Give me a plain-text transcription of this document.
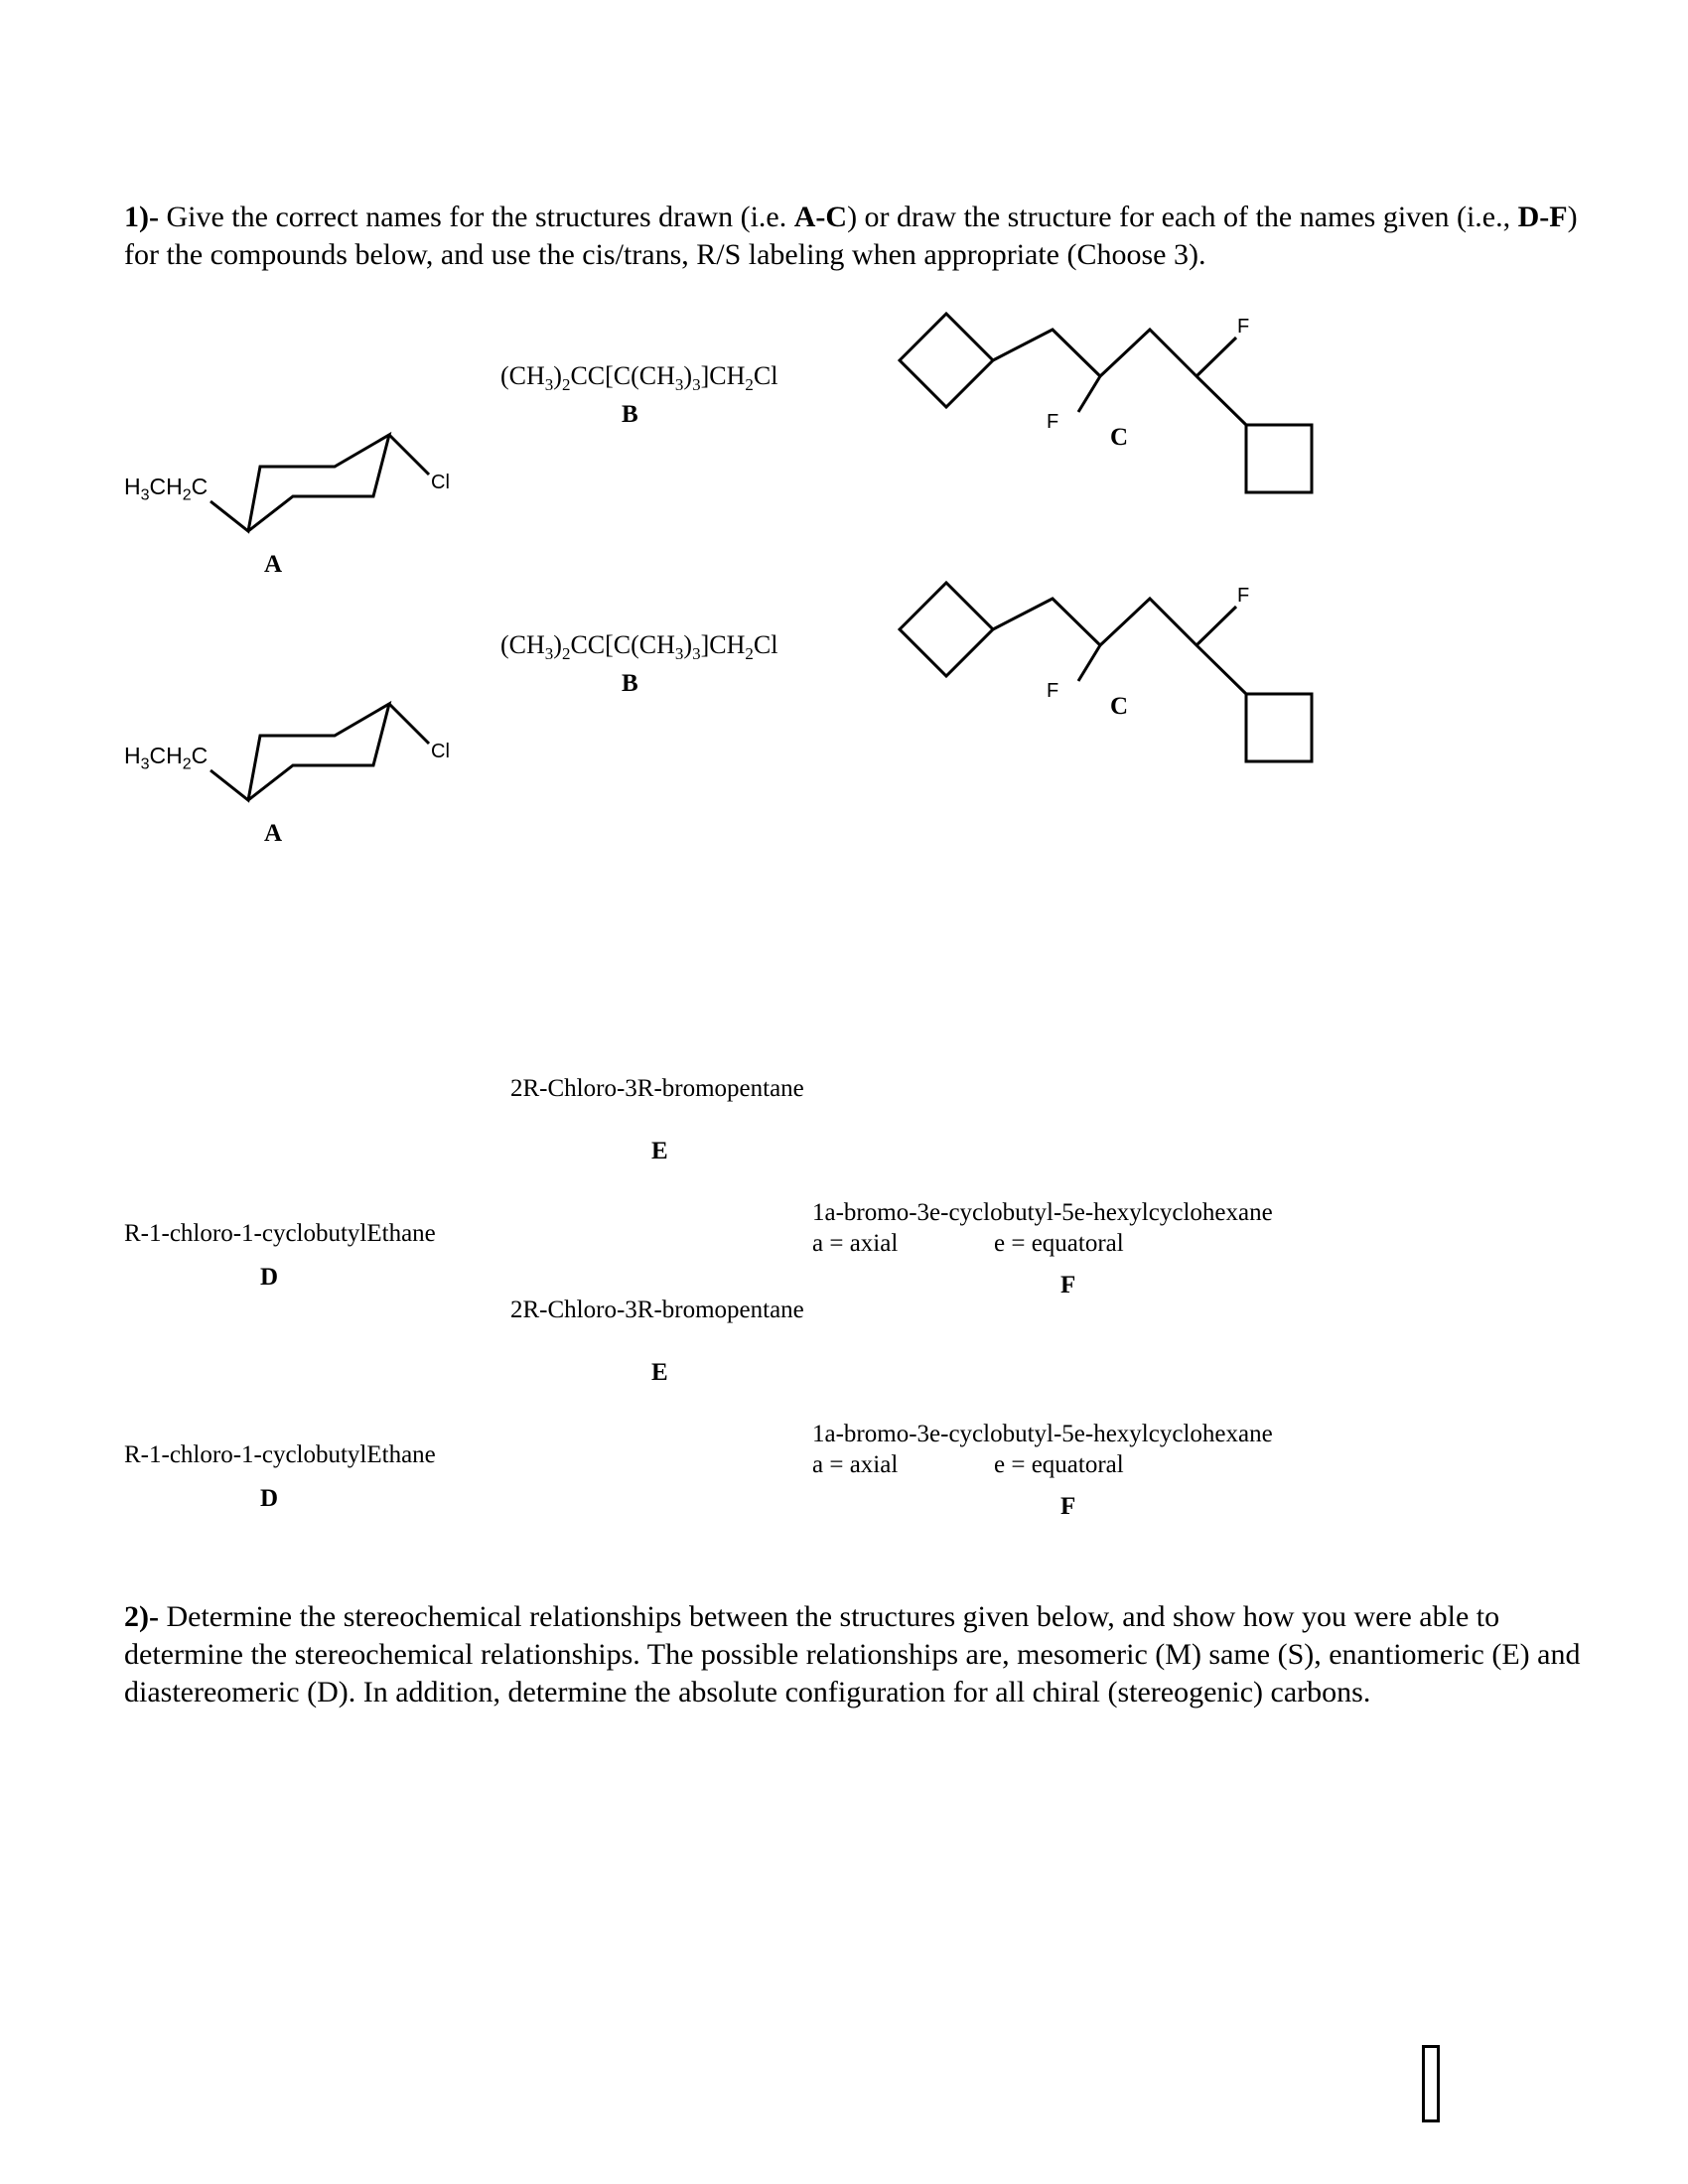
1)- Give the correct names for the structures drawn (i.e. A-C) or draw the structure for each of the names given (i.e., D-F) for the compounds below, and use the cis/trans, R/S labeling when appropriate (Choose 3).
$H_3CH_2C$	Cl
A
$(CH_3)_2CC[C(CH_3)_3]CH_2Cl$
B
F
F
C
$H_3CH_2C$	Cl
A
$(CH_3)_2CC[C(CH_3)_3]CH_2Cl$
B
F
F
C
2R-Chloro-3R-bromopentane
E
R-1-chloro-1-cyclobutylEthane
D
1a-bromo-3e-cyclobutyl-5e-hexylcyclohexane
a = axial	e = equatoral
F
2R-Chloro-3R-bromopentane
E
R-1-chloro-1-cyclobutylEthane
D
1a-bromo-3e-cyclobutyl-5e-hexylcyclohexane
a = axial	e = equatoral
F
2)- Determine the stereochemical relationships between the structures given below, and show how you were able to determine the stereochemical relationships. The possible relationships are, mesomeric (M) same (S), enantiomeric (E) and diastereomeric (D). In addition, determine the absolute configuration for all chiral (stereogenic) carbons.
